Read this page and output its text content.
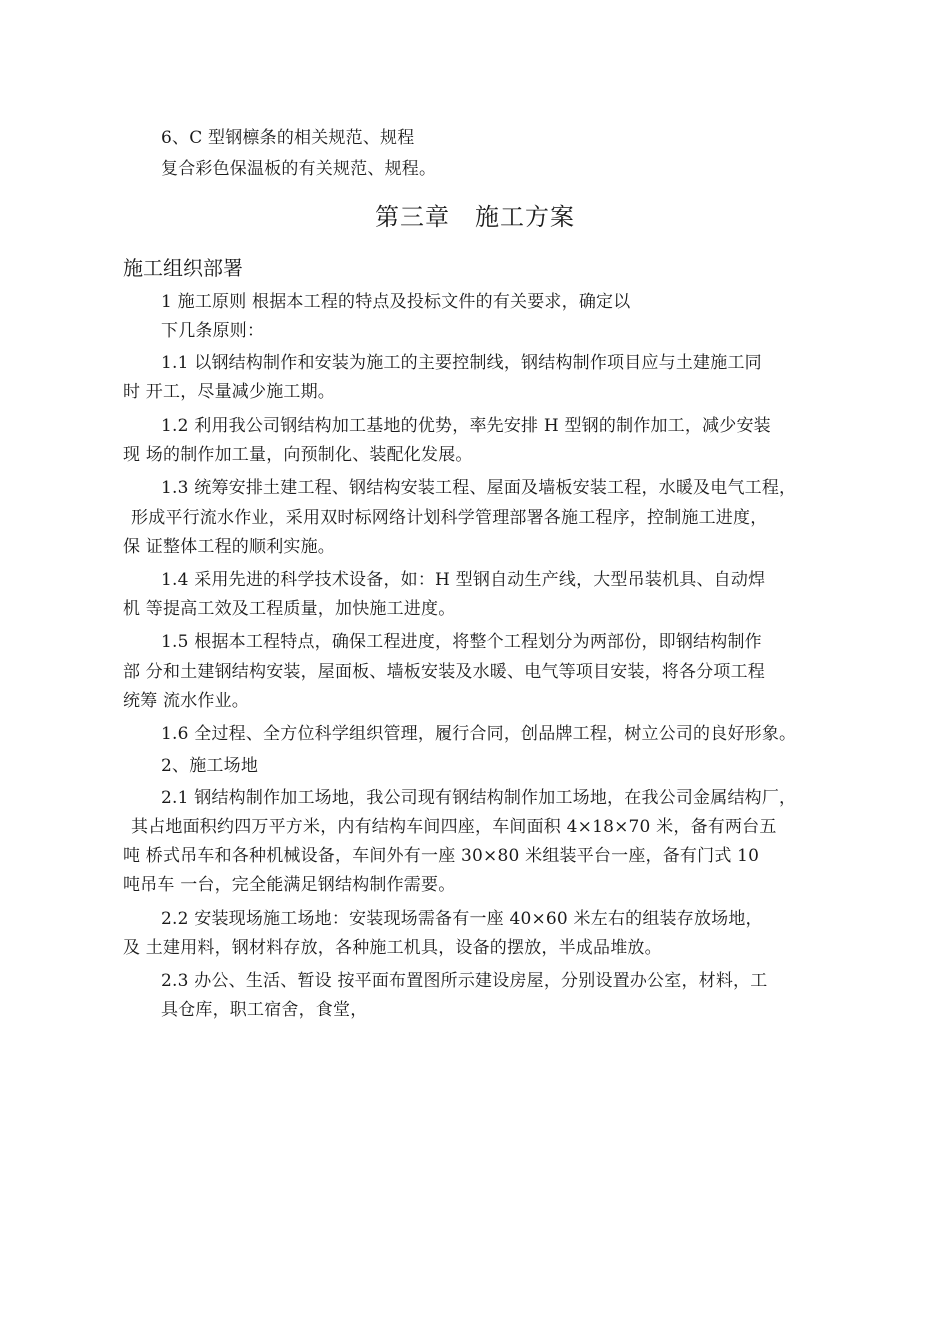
6、C 型钢檩条的相关规范、规程
复合彩色保温板的有关规范、规程。
第三章　施工方案
施工组织部署
1 施工原则 根据本工程的特点及投标文件的有关要求，确定以
下几条原则：
1.1 以钢结构制作和安装为施工的主要控制线，钢结构制作项目应与土建施工同
时 开工，尽量减少施工期。
1.2 利用我公司钢结构加工基地的优势，率先安排 H 型钢的制作加工，减少安装
现 场的制作加工量，向预制化、装配化发展。
1.3 统筹安排土建工程、钢结构安装工程、屋面及墙板安装工程，水暖及电气工程，
形成平行流水作业，采用双时标网络计划科学管理部署各施工程序，控制施工进度，
保 证整体工程的顺利实施。
1.4 采用先进的科学技术设备，如：H 型钢自动生产线，大型吊装机具、自动焊
机 等提高工效及工程质量，加快施工进度。
1.5 根据本工程特点，确保工程进度，将整个工程划分为两部份，即钢结构制作
部 分和土建钢结构安装，屋面板、墙板安装及水暖、电气等项目安装，将各分项工程
统筹 流水作业。
1.6 全过程、全方位科学组织管理，履行合同，创品牌工程，树立公司的良好形象。
2、施工场地
2.1 钢结构制作加工场地，我公司现有钢结构制作加工场地，在我公司金属结构厂，
其占地面积约四万平方米，内有结构车间四座，车间面积 4×18×70 米，备有两台五
吨 桥式吊车和各种机械设备，车间外有一座 30×80 米组装平台一座，备有门式 10
吨吊车 一台，完全能满足钢结构制作需要。
2.2 安装现场施工场地：安装现场需备有一座 40×60 米左右的组装存放场地，
及 土建用料，钢材料存放，各种施工机具，设备的摆放，半成品堆放。
2.3 办公、生活、暂设 按平面布置图所示建设房屋，分别设置办公室，材料，工
具仓库，职工宿舍，食堂，
